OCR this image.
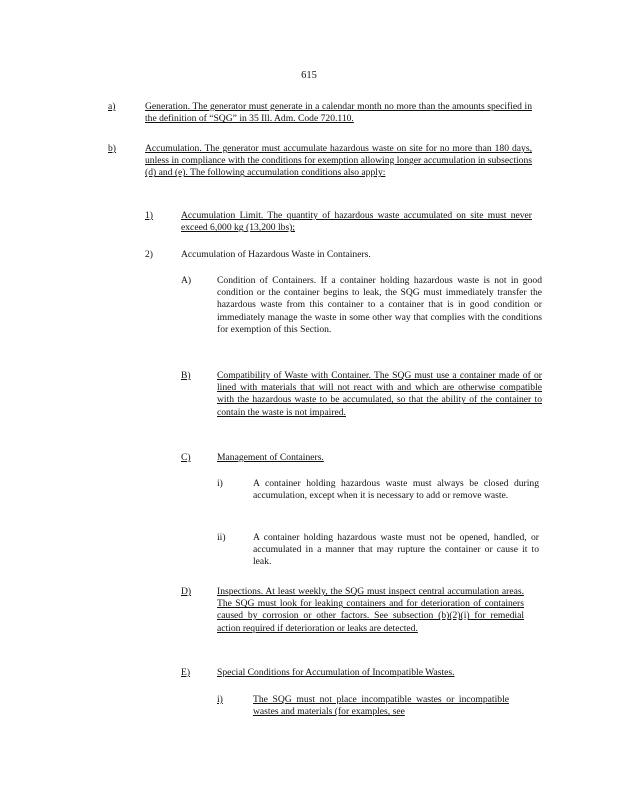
615
a)	Generation. The generator must generate in a calendar month no more than the amounts specified in the definition of “SQG” in 35 Ill. Adm. Code 720.110.
b)	Accumulation. The generator must accumulate hazardous waste on site for no more than 180 days, unless in compliance with the conditions for exemption allowing longer accumulation in subsections (d) and (e). The following accumulation conditions also apply:
1)	Accumulation Limit. The quantity of hazardous waste accumulated on site must never exceed 6,000 kg (13,200 lbs);
2)	Accumulation of Hazardous Waste in Containers.
A)	Condition of Containers. If a container holding hazardous waste is not in good condition or the container begins to leak, the SQG must immediately transfer the hazardous waste from this container to a container that is in good condition or immediately manage the waste in some other way that complies with the conditions for exemption of this Section.
B)	Compatibility of Waste with Container. The SQG must use a container made of or lined with materials that will not react with and which are otherwise compatible with the hazardous waste to be accumulated, so that the ability of the container to contain the waste is not impaired.
C)	Management of Containers.
i)	A container holding hazardous waste must always be closed during accumulation, except when it is necessary to add or remove waste.
ii)	A container holding hazardous waste must not be opened, handled, or accumulated in a manner that may rupture the container or cause it to leak.
D)	Inspections. At least weekly, the SQG must inspect central accumulation areas. The SQG must look for leaking containers and for deterioration of containers caused by corrosion or other factors. See subsection (b)(2)(i) for remedial action required if deterioration or leaks are detected.
E)	Special Conditions for Accumulation of Incompatible Wastes.
i)	The SQG must not place incompatible wastes or incompatible wastes and materials (for examples, see
